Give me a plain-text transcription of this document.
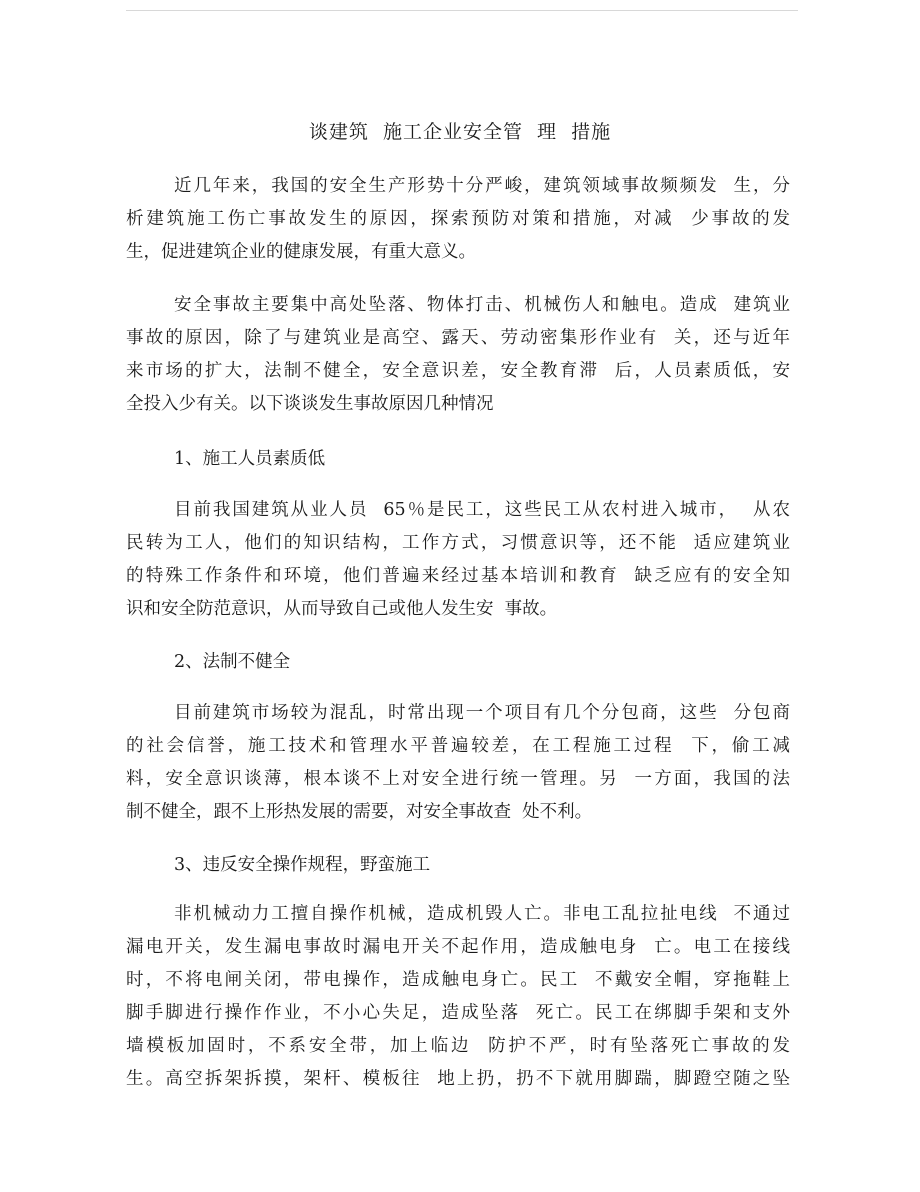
谈建筑  施工企业安全管  理  措施
近几年来，我国的安全生产形势十分严峻，建筑领域事故频频发  生，分
析建筑施工伤亡事故发生的原因，探索预防对策和措施，对减  少事故的发
生，促进建筑企业的健康发展，有重大意义。
安全事故主要集中高处坠落、物体打击、机械伤人和触电。造成  建筑业
事故的原因，除了与建筑业是高空、露天、劳动密集形作业有  关，还与近年
来市场的扩大，法制不健全，安全意识差，安全教育滞  后，人员素质低，安
全投入少有关。以下谈谈发生事故原因几种情况
1、施工人员素质低
目前我国建筑从业人员  65％是民工，这些民工从农村进入城市，  从农
民转为工人，他们的知识结构，工作方式，习惯意识等，还不能  适应建筑业
的特殊工作条件和环境，他们普遍来经过基本培训和教育  缺乏应有的安全知
识和安全防范意识，从而导致自己或他人发生安  事故。
2、法制不健全
目前建筑市场较为混乱，时常出现一个项目有几个分包商，这些  分包商
的社会信誉，施工技术和管理水平普遍较差，在工程施工过程  下，偷工减
料，安全意识谈薄，根本谈不上对安全进行统一管理。另  一方面，我国的法
制不健全，跟不上形热发展的需要，对安全事故查  处不利。
3、违反安全操作规程，野蛮施工
非机械动力工擅自操作机械，造成机毁人亡。非电工乱拉扯电线  不通过
漏电开关，发生漏电事故时漏电开关不起作用，造成触电身  亡。电工在接线
时，不将电闸关闭，带电操作，造成触电身亡。民工  不戴安全帽，穿拖鞋上
脚手脚进行操作作业，不小心失足，造成坠落  死亡。民工在绑脚手架和支外
墙模板加固时，不系安全带，加上临边  防护不严，时有坠落死亡事故的发
生。高空拆架拆摸，架杆、模板往  地上扔，扔不下就用脚踹，脚蹬空随之坠
